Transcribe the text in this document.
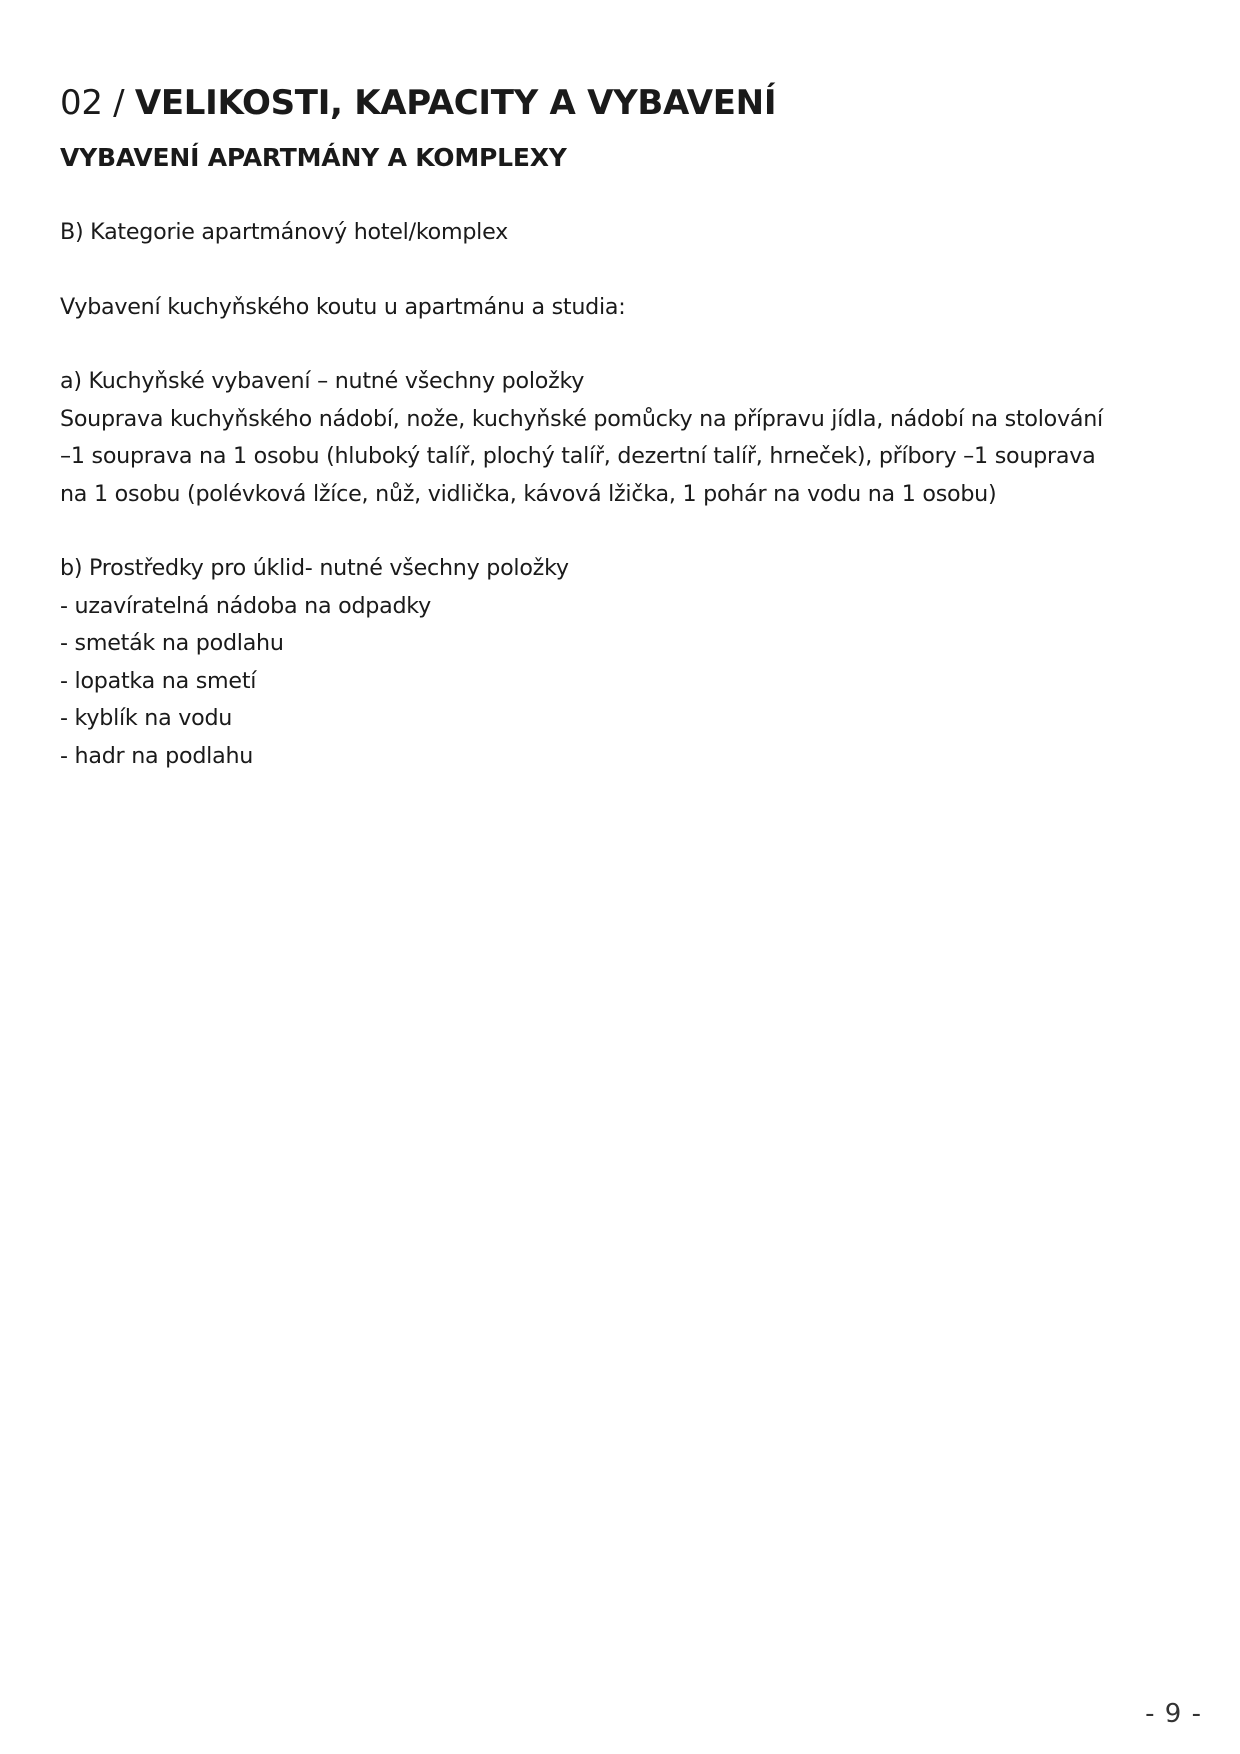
02 / VELIKOSTI, KAPACITY A VYBAVENÍ
VYBAVENÍ APARTMÁNY A KOMPLEXY
B) Kategorie apartmánový hotel/komplex
Vybavení kuchyňského koutu u apartmánu a studia:
a) Kuchyňské vybavení – nutné všechny položky
Souprava kuchyňského nádobí, nože, kuchyňské pomůcky na přípravu jídla, nádobí na stolování
–1 souprava na 1 osobu (hluboký talíř, plochý talíř, dezertní talíř, hrneček), příbory –1 souprava
na 1 osobu (polévková lžíce, nůž, vidlička, kávová lžička, 1 pohár na vodu na 1 osobu)
b) Prostředky pro úklid- nutné všechny položky
- uzavíratelná nádoba na odpadky
- smeták na podlahu
- lopatka na smetí
- kyblík na vodu
- hadr na podlahu
- 9 -
